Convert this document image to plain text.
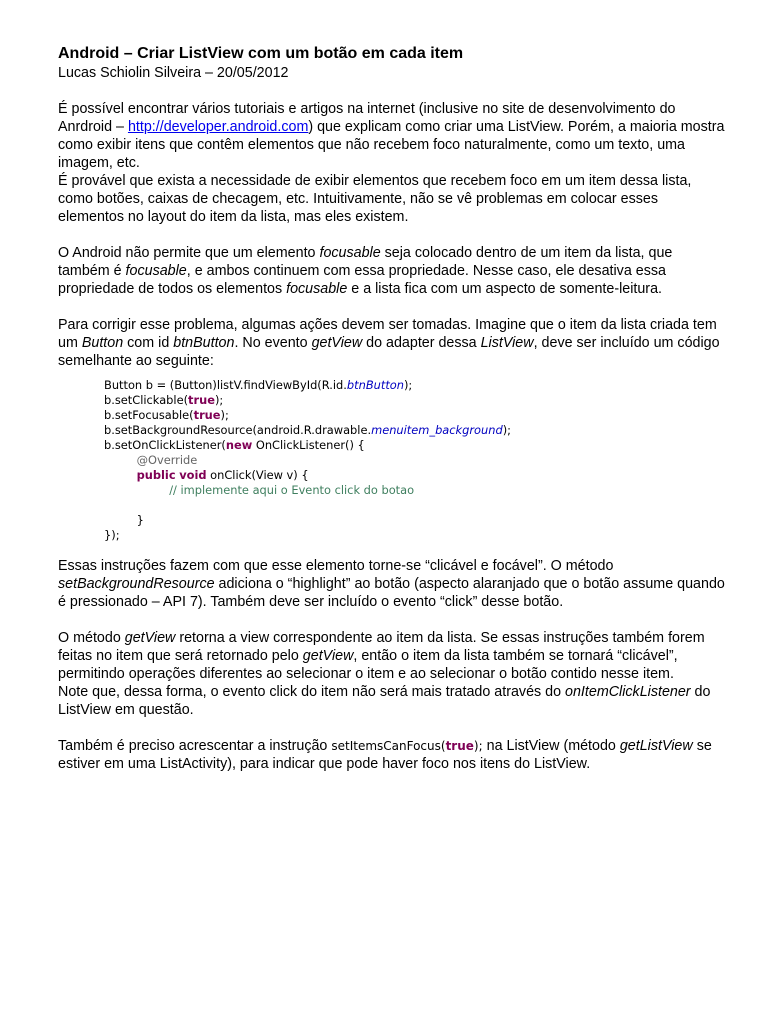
Android – Criar ListView com um botão em cada item

Lucas Schiolin Silveira – 20/05/2012

É possível encontrar vários tutoriais e artigos na internet (inclusive no site de desenvolvimento do Anrdroid – http://developer.android.com) que explicam como criar uma ListView. Porém, a maioria mostra como exibir itens que contêm elementos que não recebem foco naturalmente, como um texto, uma imagem, etc.

É provável que exista a necessidade de exibir elementos que recebem foco em um item dessa lista, como botões, caixas de checagem, etc. Intuitivamente, não se vê problemas em colocar esses elementos no layout do item da lista, mas eles existem.

O Android não permite que um elemento focusable seja colocado dentro de um item da lista, que também é focusable, e ambos continuem com essa propriedade. Nesse caso, ele desativa essa propriedade de todos os elementos focusable e a lista fica com um aspecto de somente-leitura.

Para corrigir esse problema, algumas ações devem ser tomadas. Imagine que o item da lista criada tem um Button com id btnButton. No evento getView do adapter dessa ListView, deve ser incluído um código semelhante ao seguinte:

Button b = (Button)listV.findViewById(R.id.btnButton);
b.setClickable(true);
b.setFocusable(true);
b.setBackgroundResource(android.R.drawable.menuitem_background);
b.setOnClickListener(new OnClickListener() {
@Override
public void onClick(View v) {
// implemente aqui o Evento click do botao

}
});

Essas instruções fazem com que esse elemento torne-se “clicável e focável”. O método setBackgroundResource adiciona o “highlight” ao botão (aspecto alaranjado que o botão assume quando é pressionado – API 7). Também deve ser incluído o evento “click” desse botão.

O método getView retorna a view correspondente ao item da lista. Se essas instruções também forem feitas no item que será retornado pelo getView, então o item da lista também se tornará “clicável”, permitindo operações diferentes ao selecionar o item e ao selecionar o botão contido nesse item.

Note que, dessa forma, o evento click do item não será mais tratado através do onItemClickListener do ListView em questão.

Também é preciso acrescentar a instrução setItemsCanFocus(true); na ListView (método getListView se estiver em uma ListActivity), para indicar que pode haver foco nos itens do ListView.
